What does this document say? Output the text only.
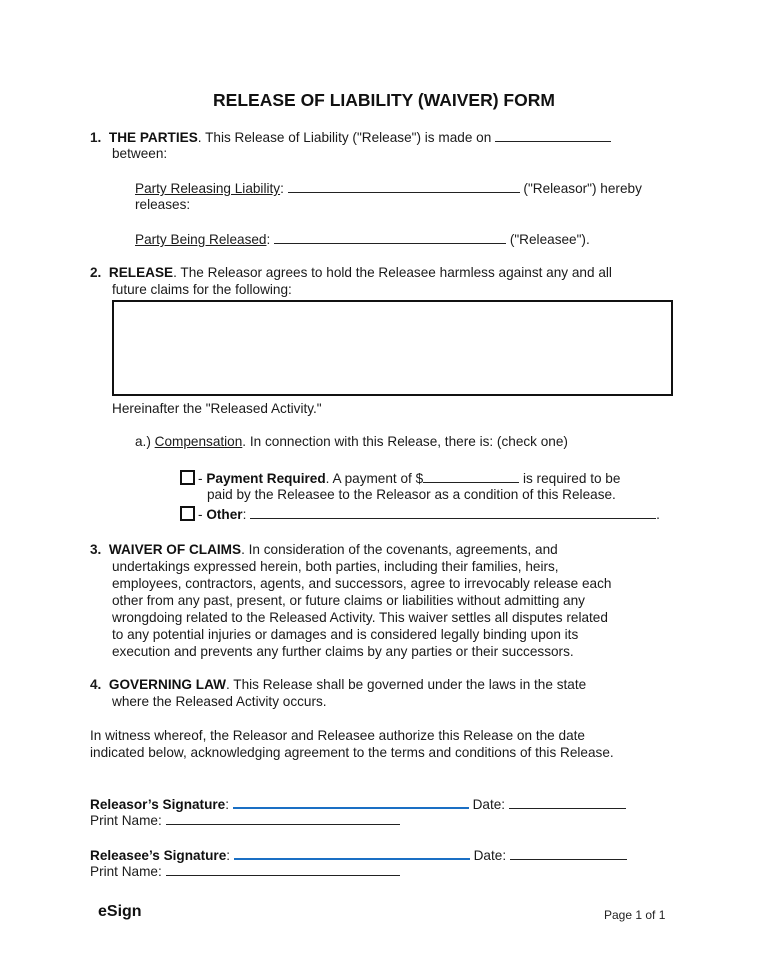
RELEASE OF LIABILITY (WAIVER) FORM
1. THE PARTIES. This Release of Liability ("Release") is made on
between:
Party Releasing Liability:	("Releasor") hereby
releases:
Party Being Released:	("Releasee").
2. RELEASE. The Releasor agrees to hold the Releasee harmless against any and all
future claims for the following:
Hereinafter the "Released Activity."
a.) Compensation. In connection with this Release, there is: (check one)
- Payment Required. A payment of $	is required to be
paid by the Releasee to the Releasor as a condition of this Release.
- Other:	.
3. WAIVER OF CLAIMS. In consideration of the covenants, agreements, and
undertakings expressed herein, both parties, including their families, heirs,
employees, contractors, agents, and successors, agree to irrevocably release each
other from any past, present, or future claims or liabilities without admitting any
wrongdoing related to the Released Activity. This waiver settles all disputes related
to any potential injuries or damages and is considered legally binding upon its
execution and prevents any further claims by any parties or their successors.
4. GOVERNING LAW. This Release shall be governed under the laws in the state
where the Released Activity occurs.
In witness whereof, the Releasor and Releasee authorize this Release on the date
indicated below, acknowledging agreement to the terms and conditions of this Release.
Releasor’s Signature:	Date:
Print Name:
Releasee’s Signature:	Date:
Print Name:
eSign	Page 1 of 1
